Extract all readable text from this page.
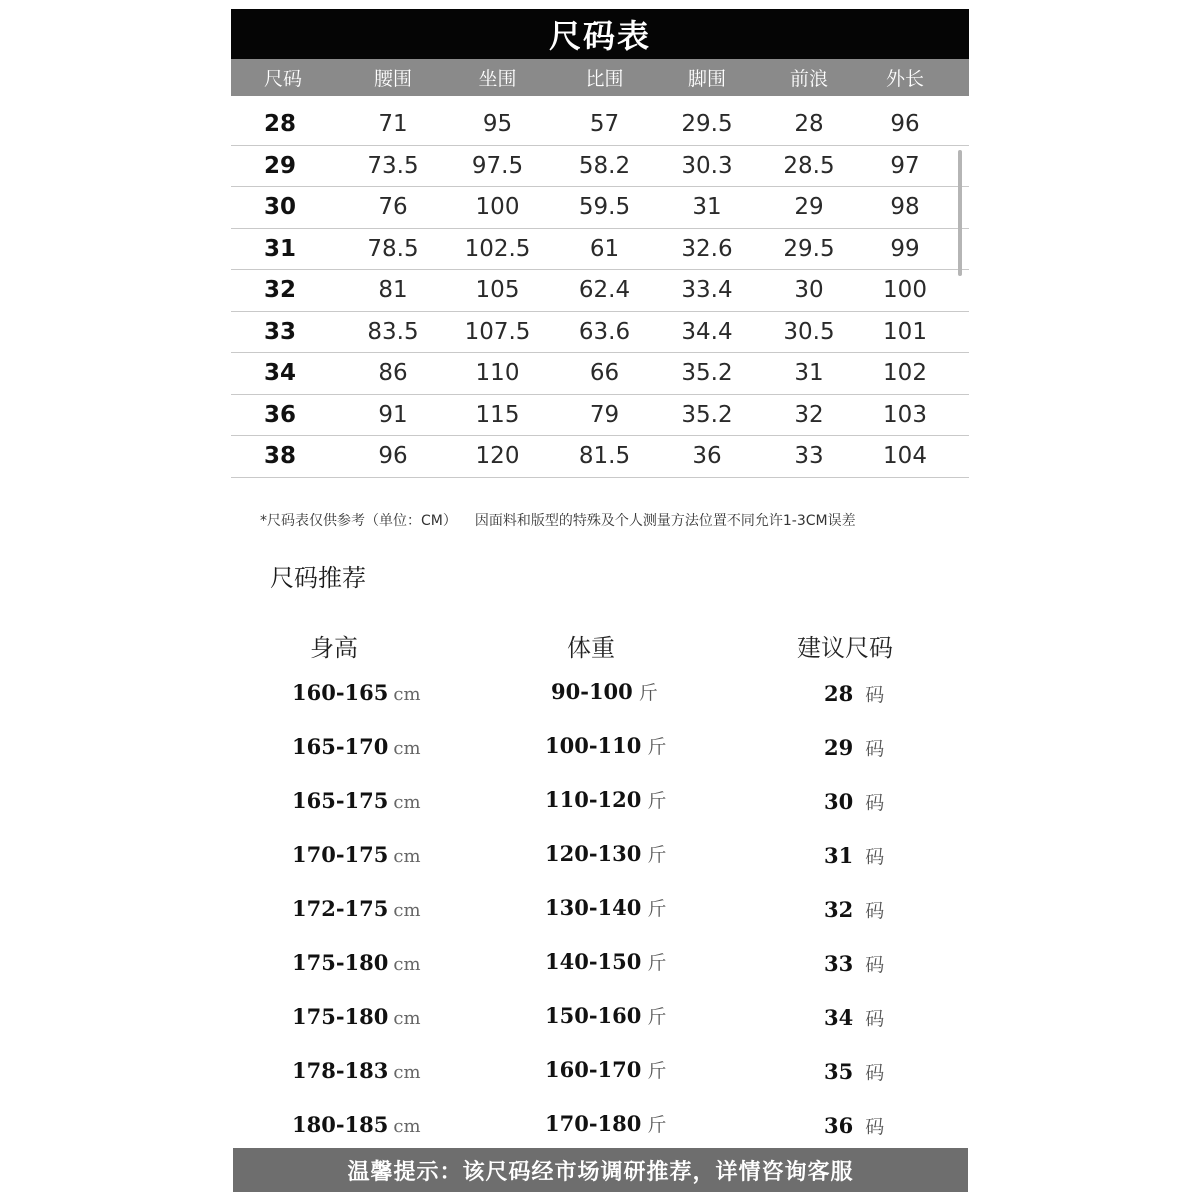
尺码表
尺码	腰围	坐围	比围	脚围	前浪	外长
28	71	95	57	29.5	28	96
29	73.5	97.5	58.2	30.3	28.5	97
30	76	100	59.5	31	29	98
31	78.5	102.5	61	32.6	29.5	99
32	81	105	62.4	33.4	30	100
33	83.5	107.5	63.6	34.4	30.5	101
34	86	110	66	35.2	31	102
36	91	115	79	35.2	32	103
38	96	120	81.5	36	33	104
*尺码表仅供参考（单位：CM） 因面料和版型的特殊及个人测量方法位置不同允许1-3CM误差
尺码推荐
身高	体重	建议尺码
160-165 cm	90-100 斤	28 码
165-170 cm	100-110 斤	29 码
165-175 cm	110-120 斤	30 码
170-175 cm	120-130 斤	31 码
172-175 cm	130-140 斤	32 码
175-180 cm	140-150 斤	33 码
175-180 cm	150-160 斤	34 码
178-183 cm	160-170 斤	35 码
180-185 cm	170-180 斤	36 码
温馨提示：该尺码经市场调研推荐，详情咨询客服
